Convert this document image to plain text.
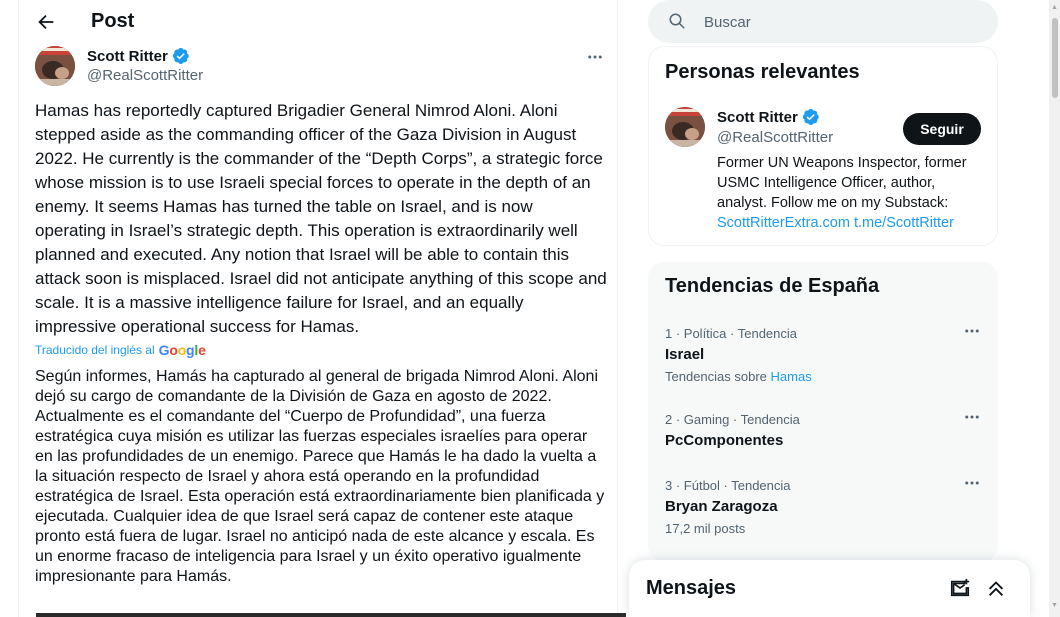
Post
Scott Ritter
@RealScottRitter
Hamas has reportedly captured Brigadier General Nimrod Aloni. Aloni stepped aside as the commanding officer of the Gaza Division in August 2022. He currently is the commander of the “Depth Corps”, a strategic force whose mission is to use Israeli special forces to operate in the depth of an enemy. It seems Hamas has turned the table on Israel, and is now operating in Israel’s strategic depth. This operation is extraordinarily well planned and executed. Any notion that Israel will be able to contain this attack soon is misplaced. Israel did not anticipate anything of this scope and scale. It is a massive intelligence failure for Israel, and an equally impressive operational success for Hamas.
Traducido del inglés al Google
Según informes, Hamás ha capturado al general de brigada Nimrod Aloni. Aloni dejó su cargo de comandante de la División de Gaza en agosto de 2022. Actualmente es el comandante del “Cuerpo de Profundidad”, una fuerza estratégica cuya misión es utilizar las fuerzas especiales israelíes para operar en las profundidades de un enemigo. Parece que Hamás le ha dado la vuelta a la situación respecto de Israel y ahora está operando en la profundidad estratégica de Israel. Esta operación está extraordinariamente bien planificada y ejecutada. Cualquier idea de que Israel será capaz de contener este ataque pronto está fuera de lugar. Israel no anticipó nada de este alcance y escala. Es un enorme fracaso de inteligencia para Israel y un éxito operativo igualmente impresionante para Hamás.
Buscar
Personas relevantes
Scott Ritter
@RealScottRitter	Seguir
Former UN Weapons Inspector, former USMC Intelligence Officer, author, analyst. Follow me on my Substack: ScottRitterExtra.com t.me/ScottRitter
Tendencias de España
1 · Política · Tendencia
Israel
Tendencias sobre Hamas
2 · Gaming · Tendencia
PcComponentes
3 · Fútbol · Tendencia
Bryan Zaragoza
17,2 mil posts
Mensajes
▲
▼
